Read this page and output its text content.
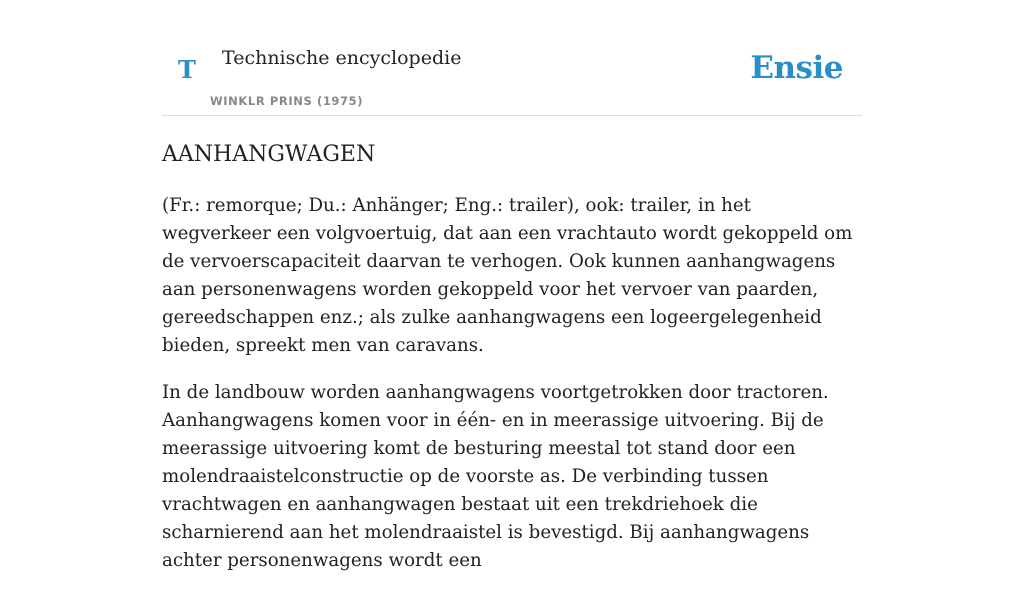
T Technische encyclopedie
WINKLR PRINS (1975)
Ensie
AANHANGWAGEN

(Fr.: remorque; Du.: Anhänger; Eng.: trailer), ook: trailer, in het wegverkeer een volgvoertuig, dat aan een vrachtauto wordt gekoppeld om de vervoerscapaciteit daarvan te verhogen. Ook kunnen aanhangwagens aan personenwagens worden gekoppeld voor het vervoer van paarden, gereedschappen enz.; als zulke aanhangwagens een logeergelegenheid bieden, spreekt men van caravans.

In de landbouw worden aanhangwagens voortgetrokken door tractoren. Aanhangwagens komen voor in één- en in meerassige uitvoering. Bij de meerassige uitvoering komt de besturing meestal tot stand door een molendraaistelconstructie op de voorste as. De verbinding tussen vrachtwagen en aanhangwagen bestaat uit een trekdriehoek die scharnierend aan het molendraaistel is bevestigd. Bij aanhangwagens achter personenwagens wordt een
